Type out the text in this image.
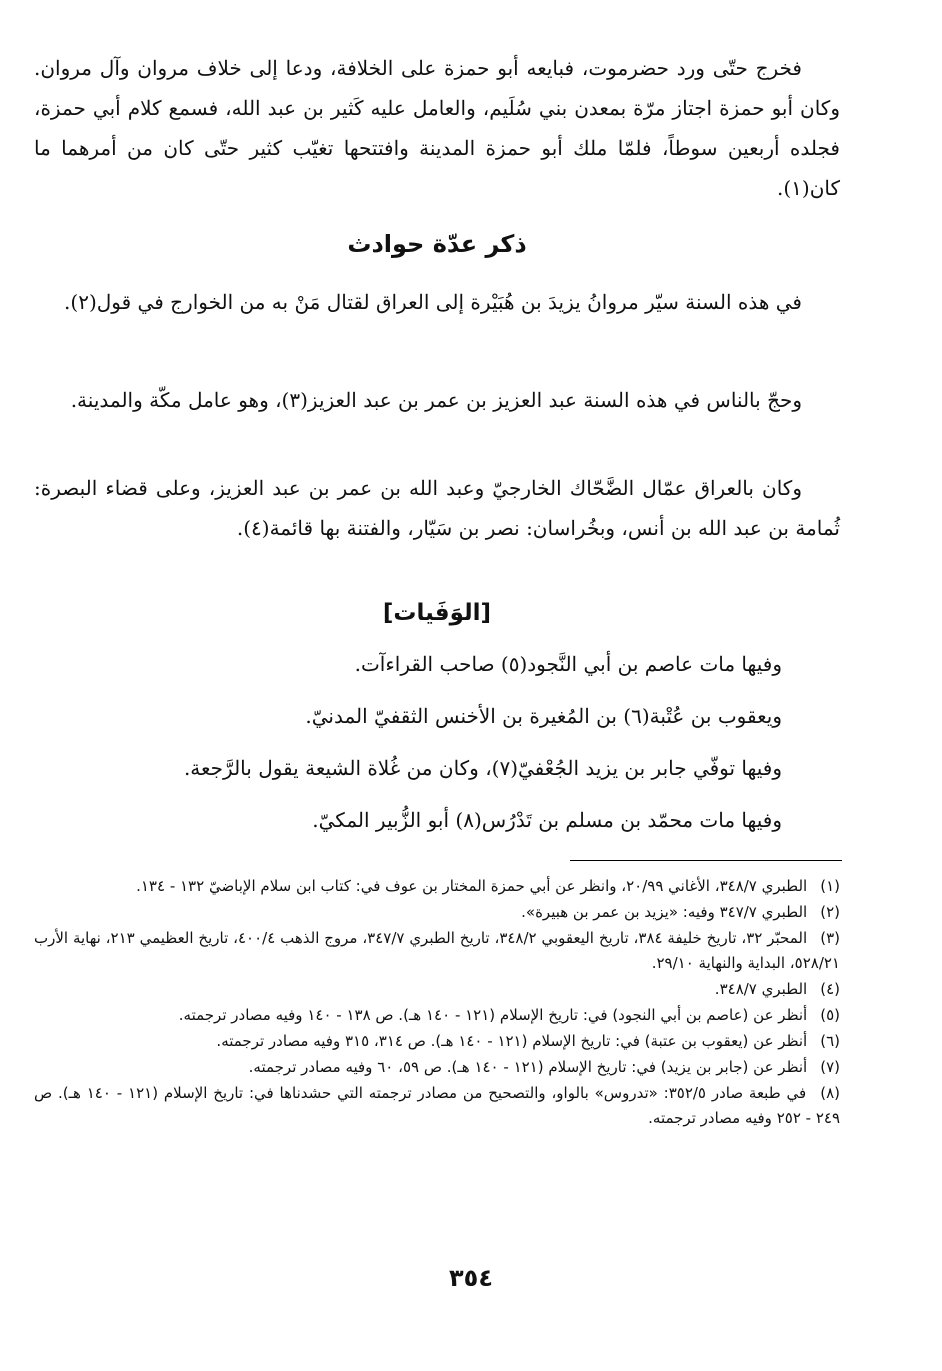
فخرج حتّى ورد حضرموت، فبايعه أبو حمزة على الخلافة، ودعا إلى خلاف مروان وآل مروان. وكان أبو حمزة اجتاز مرّة بمعدن بني سُلَيم، والعامل عليه كَثير بن عبد الله، فسمع كلام أبي حمزة، فجلده أربعين سوطاً، فلمّا ملك أبو حمزة المدينة وافتتحها تغيّب كثير حتّى كان من أمرهما ما كان(١).

ذكر عدّة حوادث

في هذه السنة سيّر مروانُ يزيدَ بن هُبَيْرة إلى العراق لقتال مَنْ به من الخوارج في قول(٢).

وحجّ بالناس في هذه السنة عبد العزيز بن عمر بن عبد العزيز(٣)، وهو عامل مكّة والمدينة.

وكان بالعراق عمّال الضَّحّاك الخارجيّ وعبد الله بن عمر بن عبد العزيز، وعلى قضاء البصرة: ثُمامة بن عبد الله بن أنس، وبخُراسان: نصر بن سَيّار، والفتنة بها قائمة(٤).

[الوَفَيات]
وفيها مات عاصم بن أبي النَّجود(٥) صاحب القراءآت.
ويعقوب بن عُتْبة(٦) بن المُغيرة بن الأخنس الثقفيّ المدنيّ.
وفيها توفّي جابر بن يزيد الجُعْفيّ(٧)، وكان من غُلاة الشيعة يقول بالرَّجعة.
وفيها مات محمّد بن مسلم بن تَدْرُس(٨) أبو الزُّبير المكيّ.

(١) الطبري ٣٤٨/٧، الأغاني ٢٠/٩٩، وانظر عن أبي حمزة المختار بن عوف في: كتاب ابن سلام الإباضيّ ١٣٢ - ١٣٤.

(٢) الطبري ٣٤٧/٧ وفيه: «يزيد بن عمر بن هبيرة».

(٣) المحبّر ٣٢، تاريخ خليفة ٣٨٤، تاريخ اليعقوبي ٣٤٨/٢، تاريخ الطبري ٣٤٧/٧، مروج الذهب ٤٠٠/٤، تاريخ العظيمي ٢١٣، نهاية الأرب ٥٢٨/٢١، البداية والنهاية ٢٩/١٠.

(٤) الطبري ٣٤٨/٧.

(٥) أنظر عن (عاصم بن أبي النجود) في: تاريخ الإسلام (١٢١ - ١٤٠ هـ). ص ١٣٨ - ١٤٠ وفيه مصادر ترجمته.

(٦) أنظر عن (يعقوب بن عتبة) في: تاريخ الإسلام (١٢١ - ١٤٠ هـ). ص ٣١٤، ٣١٥ وفيه مصادر ترجمته.

(٧) أنظر عن (جابر بن يزيد) في: تاريخ الإسلام (١٢١ - ١٤٠ هـ). ص ٥٩، ٦٠ وفيه مصادر ترجمته.

(٨) في طبعة صادر ٣٥٢/٥: «تدروس» بالواو، والتصحيح من مصادر ترجمته التي حشدناها في: تاريخ الإسلام (١٢١ - ١٤٠ هـ). ص ٢٤٩ - ٢٥٢ وفيه مصادر ترجمته.

٣٥٤
